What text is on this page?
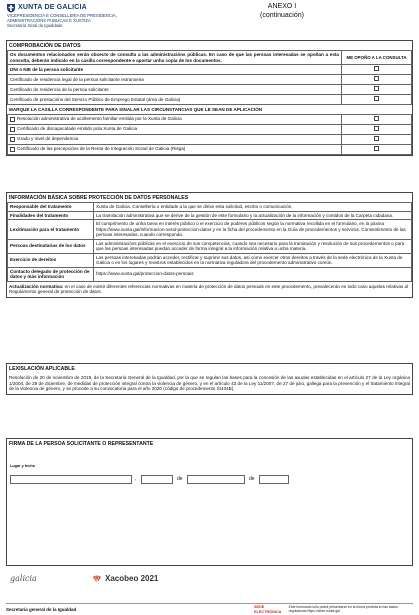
XUNTA DE GALICIA
VICEPRESIDENCIA E CONSELLERÍA DE PRESIDENCIA,
ADMINISTRACIÓNS PÚBLICAS E XUSTIZA
Secretaría Xeral da Igualdade
ANEXO I
(continuación)
COMPROBACIÓN DE DATOS
Os documentos relacionados serán obxecto de consulta a las administracións públicas. En caso de que las persoas interesadas se opoñan a esta consulta, deberán indicalo en la casilla correspondente e aportar unha copia de los documentos.	ME OPOÑO A LA CONSULTA
DNI o NIE de la persoa solicitante	
Certificado de residencia legal de la persoa solicitante extranxeira	
Certificado de residencia de la persoa solicitante	
Certificado de prestacións del Servizo Público de Emprego Estatal (área de Galicia)	
MARQUE LA CASILLA CORRESPONDENTE PARA SINALAR LAS CIRCUNSTANCIAS QUE LE SEAN DE APLICACIÓN
Resolución administrativa de acollemento familiar emitida por la Xunta de Galicia	

Certificado de discapacidade emitido pola Xunta de Galicia	

Grado y nivel de dependencia	

Certificado de las percepcións de la Renta de Integración Social de Galicia (Risga)	

INFORMACIÓN BÁSICA SOBRE PROTECCIÓN DE DATOS PERSONALES
Responsable del tratamento	Xunta de Galicia. Consellería o entidade a la que se dirixe esta solicitud, escrito o comunicación.
Finalidades del tratamento	La tramitación administrativa que se derive de la gestión de este formulario y la actualización de la información y contidos de la Carpeta cidadana.
Lexitimación para el tratamento	El cumprimento de unha tarea en interés público o el exercicio de poderes públicos según la normativa recollida en el formulario, en la páxina https://www.xunta.gal/informacion-xeral-proteccion-datos y en la ficha del procedemento en la Guía de procedementos y servizos. Consentimento de las persoas interesadas, cuando corresponda.
Persoas destinatarias de los datos	Las administracións públicas en el exercicio de sus competencias, cuando sea necesario para la tramitación y resolución de sus procedementos o para que las persoas interesadas puedan acceder de forma integral a la información relativa a unha materia.
Exercicio de dereitos	Las persoas interesadas podrán acceder, rectificar y suprimir sus datos, así como exercer otros dereitos a través de la sede electrónica de la Xunta de Galicia o en los lugares y rexistros establecidos en la normativa reguladora del procedemento administrativo común.
Contacto delegado de protección de datos y más información	https://www.xunta.gal/proteccion-datos-persoais
Actualización normativa: en el caso de existir diferentes referencias normativas en materia de protección de datos persoais en este procedemento, prevalecerán en todo caso aquelas relativas al Regulamento general de protección de datos.
LEXISLACIÓN APLICABLE
Resolución de 20 de novembro de 2019, de la Secretaría General de la Igualdad, por la que se regulan las bases para la concesión de las axudas establecidas en el artículo 27 de la Ley orgánica 1/2004, de 28 de diciembre, de medidas de protección integral contra la violencia de género, y en el artículo 43 de la Ley 11/2007, de 27 de julio, gallega para la prevención y el tratamiento integral de la violencia de género, y se procede a su convocatoria para el año 2020 (código de procedemento SI434B).
FIRMA DE LA PERSOA SOLICITANTE O REPRESENTANTE
Lugar y fecha
,	de	de
galicia	Xacobeo 2021
Secretaría general de la Igualdad	SEDE ELECTRÓNICA
Este formulario sólo podrá presentarse en la forma prevista en las bases reguladoras https://sede.xunta.gal
